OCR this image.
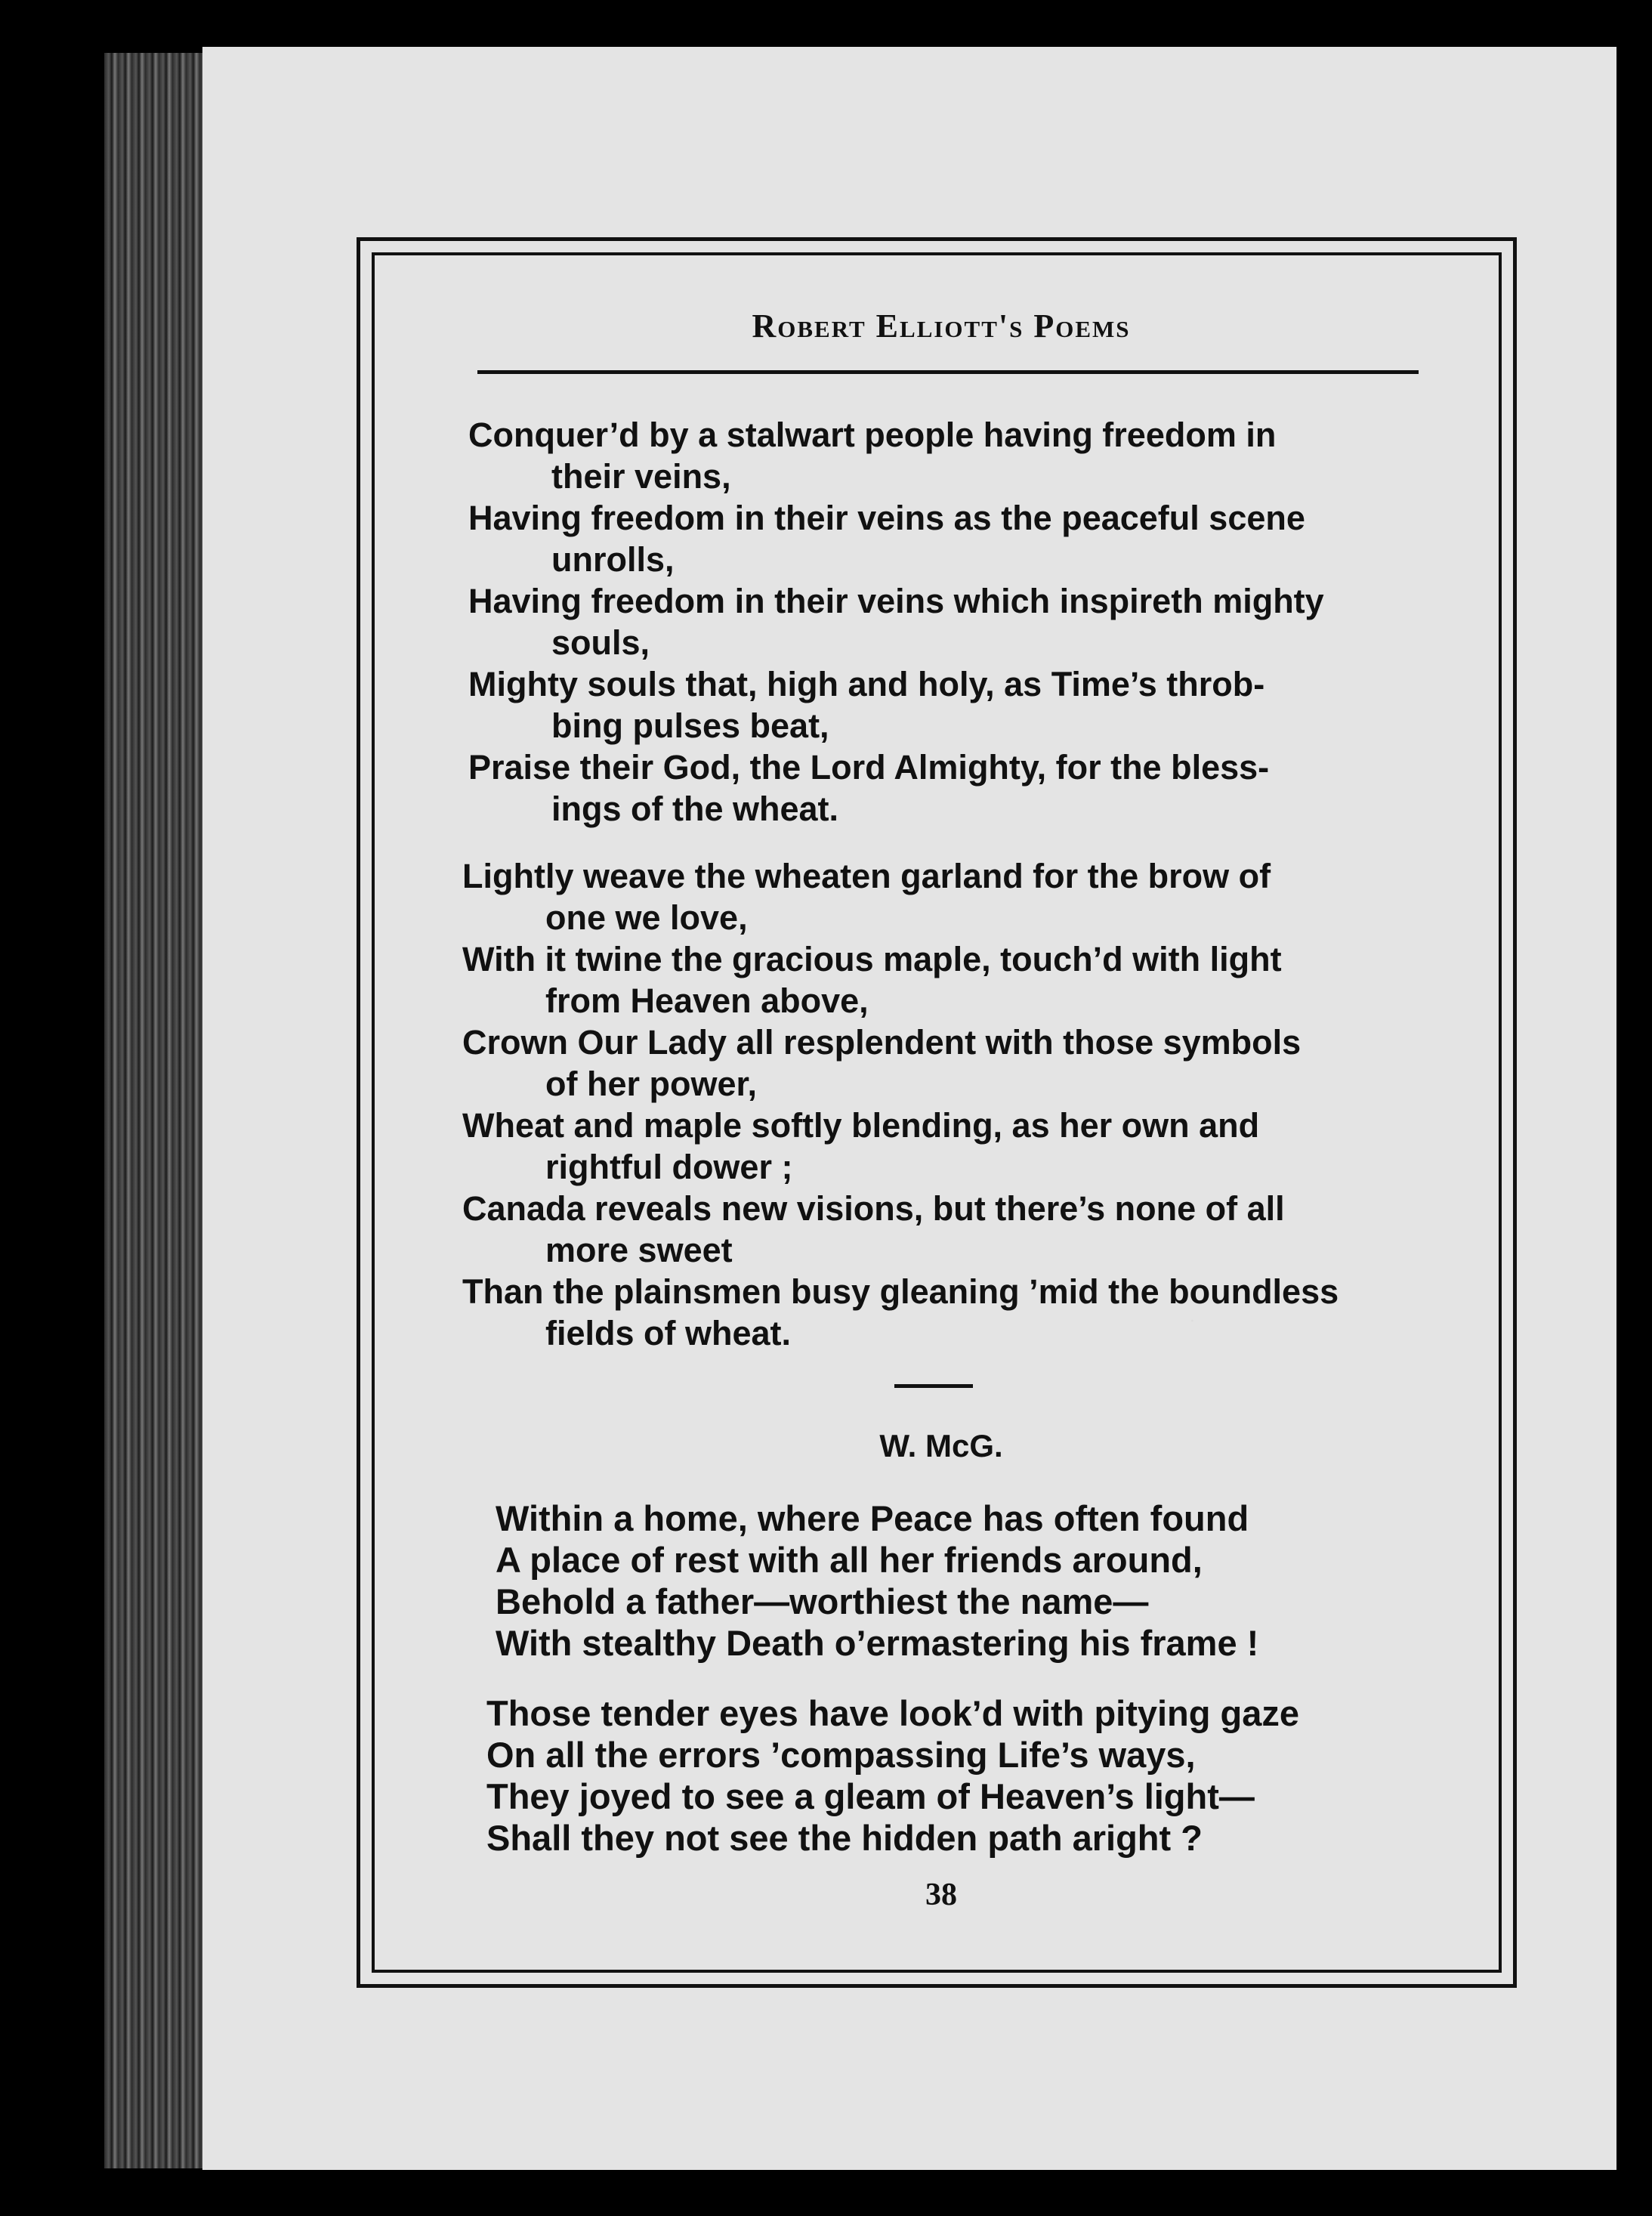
Robert Elliott's Poems
Conquer’d by a stalwart people having freedom in
their veins,
Having freedom in their veins as the peaceful scene
unrolls,
Having freedom in their veins which inspireth mighty
souls,
Mighty souls that, high and holy, as Time’s throb-
bing pulses beat,
Praise their God, the Lord Almighty, for the bless-
ings of the wheat.
Lightly weave the wheaten garland for the brow of
one we love,
With it twine the gracious maple, touch’d with light
from Heaven above,
Crown Our Lady all resplendent with those symbols
of her power,
Wheat and maple softly blending, as her own and
rightful dower ;
Canada reveals new visions, but there’s none of all
more sweet
Than the plainsmen busy gleaning ’mid the boundless
fields of wheat.
W. McG.
Within a home, where Peace has often found
A place of rest with all her friends around,
Behold a father—worthiest the name—
With stealthy Death o’ermastering his frame !
Those tender eyes have look’d with pitying gaze
On all the errors ’compassing Life’s ways,
They joyed to see a gleam of Heaven’s light—
Shall they not see the hidden path aright ?
38
